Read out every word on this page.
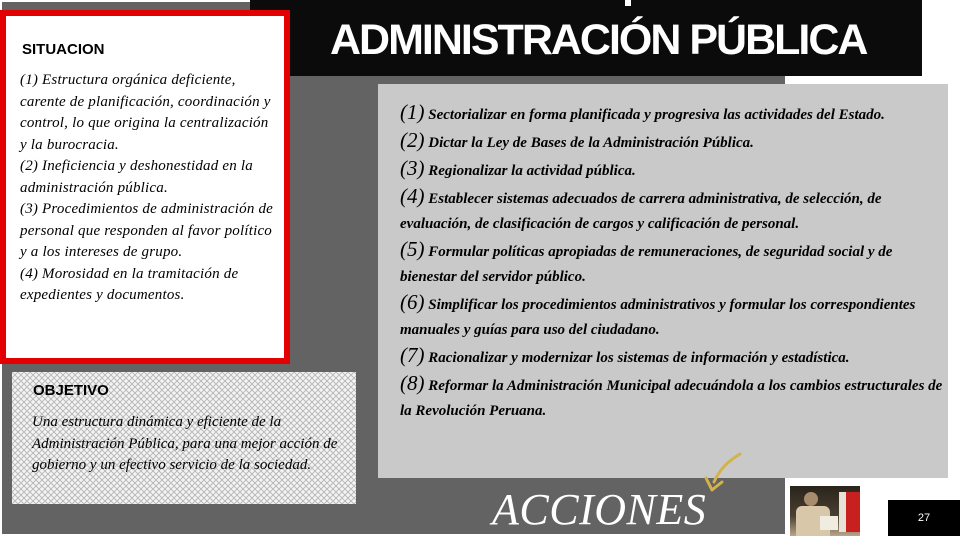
ADMINISTRACIÓN PÚBLICA
SITUACION

(1) Estructura orgánica deficiente, carente de planificación, coordinación y control, lo que origina la centralización y la burocracia.

(2) Ineficiencia y deshonestidad en la administración pública.

(3) Procedimientos de administración de personal que responden al favor político y a los intereses de grupo.

(4) Morosidad en la tramitación de expedientes y documentos.

OBJETIVO
Una estructura dinámica y eficiente de la Administración Pública, para una mejor acción de gobierno y un efectivo servicio de la sociedad.

(1) Sectorializar en forma planificada y progresiva las actividades del Estado.

(2) Dictar la Ley de Bases de la Administración Pública.

(3) Regionalizar la actividad pública.

(4) Establecer sistemas adecuados de carrera administrativa, de selección, de evaluación, de clasificación de cargos y calificación de personal.

(5) Formular políticas apropiadas de remuneraciones, de seguridad social y de bienestar del servidor público.

(6) Simplificar los procedimientos administrativos y formular los correspondientes manuales y guías para uso del ciudadano.

(7) Racionalizar y modernizar los sistemas de información y estadística.

(8) Reformar la Administración Municipal adecuándola a los cambios estructurales de la Revolución Peruana.

ACCIONES	27
